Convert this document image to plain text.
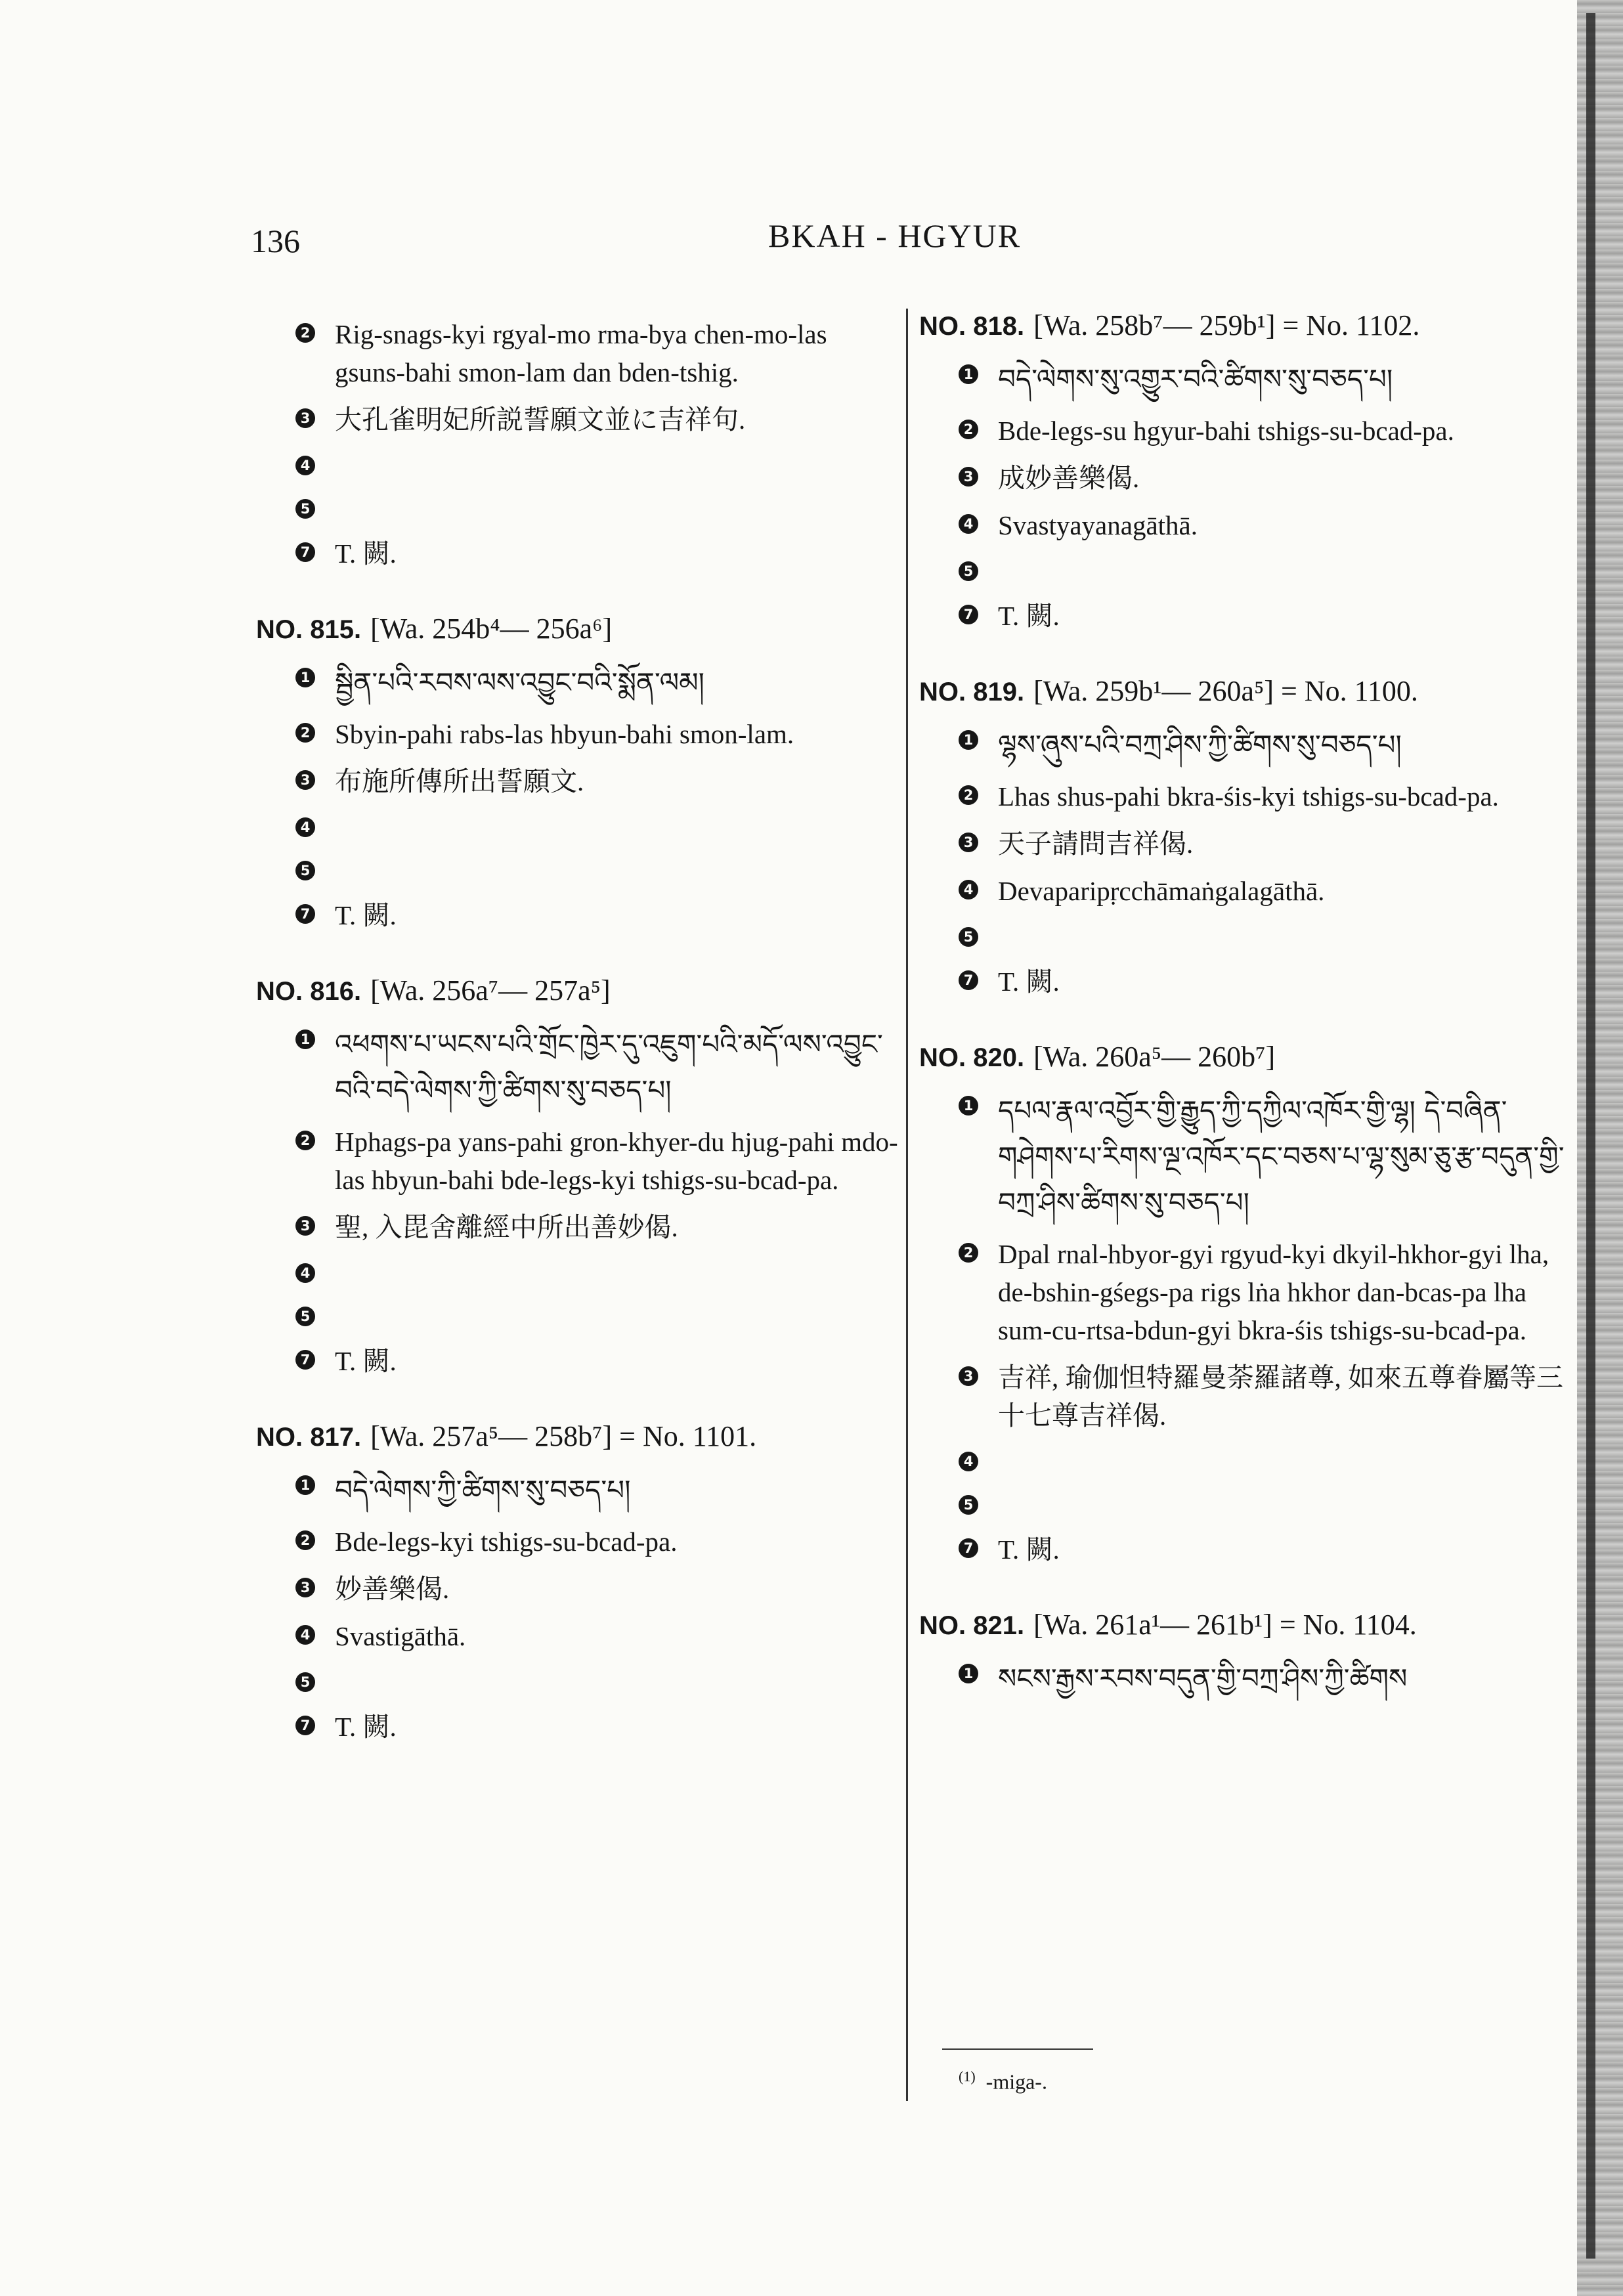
136	BKAH - HGYUR
2 Rig-snags-kyi rgyal-mo rma-bya chen-mo-las gsuns-bahi smon-lam dan bden-tshig.
3 大孔雀明妃所説誓願文並に吉祥句.
4
5
7 T. 闕.
NO. 815. [Wa. 254b⁴— 256a⁶]
1 སྦྱིན་པའི་རབས་ལས་འབྱུང་བའི་སྨོན་ལམ།
2 Sbyin-pahi rabs-las hbyun-bahi smon-lam.
3 布施所傳所出誓願文.
4
5
7 T. 闕.
NO. 816. [Wa. 256a⁷— 257a⁵]
1 འཕགས་པ་ཡངས་པའི་གྲོང་ཁྱེར་དུ་འཇུག་པའི་མདོ་ལས་འབྱུང་བའི་བདེ་ལེགས་ཀྱི་ཚིགས་སུ་བཅད་པ།
2 Hphags-pa yans-pahi gron-khyer-du hjug-pahi mdo-las hbyun-bahi bde-legs-kyi tshigs-su-bcad-pa.
3 聖, 入毘舍離經中所出善妙偈.
4
5
7 T. 闕.
NO. 817. [Wa. 257a⁵— 258b⁷] = No. 1101.
1 བདེ་ལེགས་ཀྱི་ཚིགས་སུ་བཅད་པ།
2 Bde-legs-kyi tshigs-su-bcad-pa.
3 妙善樂偈.
4 Svastigāthā.
5
7 T. 闕.
NO. 818. [Wa. 258b⁷— 259b¹] = No. 1102.
1 བདེ་ལེགས་སུ་འགྱུར་བའི་ཚིགས་སུ་བཅད་པ།
2 Bde-legs-su hgyur-bahi tshigs-su-bcad-pa.
3 成妙善樂偈.
4 Svastyayanagāthā.
5
7 T. 闕.
NO. 819. [Wa. 259b¹— 260a⁵] = No. 1100.
1 ལྷས་ཞུས་པའི་བཀྲ་ཤིས་ཀྱི་ཚིགས་སུ་བཅད་པ།
2 Lhas shus-pahi bkra-śis-kyi tshigs-su-bcad-pa.
3 天子請問吉祥偈.
4 Devaparipṛcchāmaṅgalagāthā.
5
7 T. 闕.
NO. 820. [Wa. 260a⁵— 260b⁷]
1 དཔལ་རྣལ་འབྱོར་གྱི་རྒྱུད་ཀྱི་དཀྱིལ་འཁོར་གྱི་ལྷ། དེ་བཞིན་གཤེགས་པ་རིགས་ལྔ་འཁོར་དང་བཅས་པ་ལྷ་སུམ་ཅུ་རྩ་བདུན་གྱི་བཀྲ་ཤིས་ཚིགས་སུ་བཅད་པ།
2 Dpal rnal-hbyor-gyi rgyud-kyi dkyil-hkhor-gyi lha, de-bshin-gśegs-pa rigs lṅa hkhor dan-bcas-pa lha sum-cu-rtsa-bdun-gyi bkra-śis tshigs-su-bcad-pa.
3 吉祥, 瑜伽怛特羅曼荼羅諸尊, 如來五尊眷屬等三十七尊吉祥偈.
4
5
7 T. 闕.
NO. 821. [Wa. 261a¹— 261b¹] = No. 1104.
1 སངས་རྒྱས་རབས་བདུན་གྱི་བཀྲ་ཤིས་ཀྱི་ཚིགས
$^{(1)}$ -miga-.
